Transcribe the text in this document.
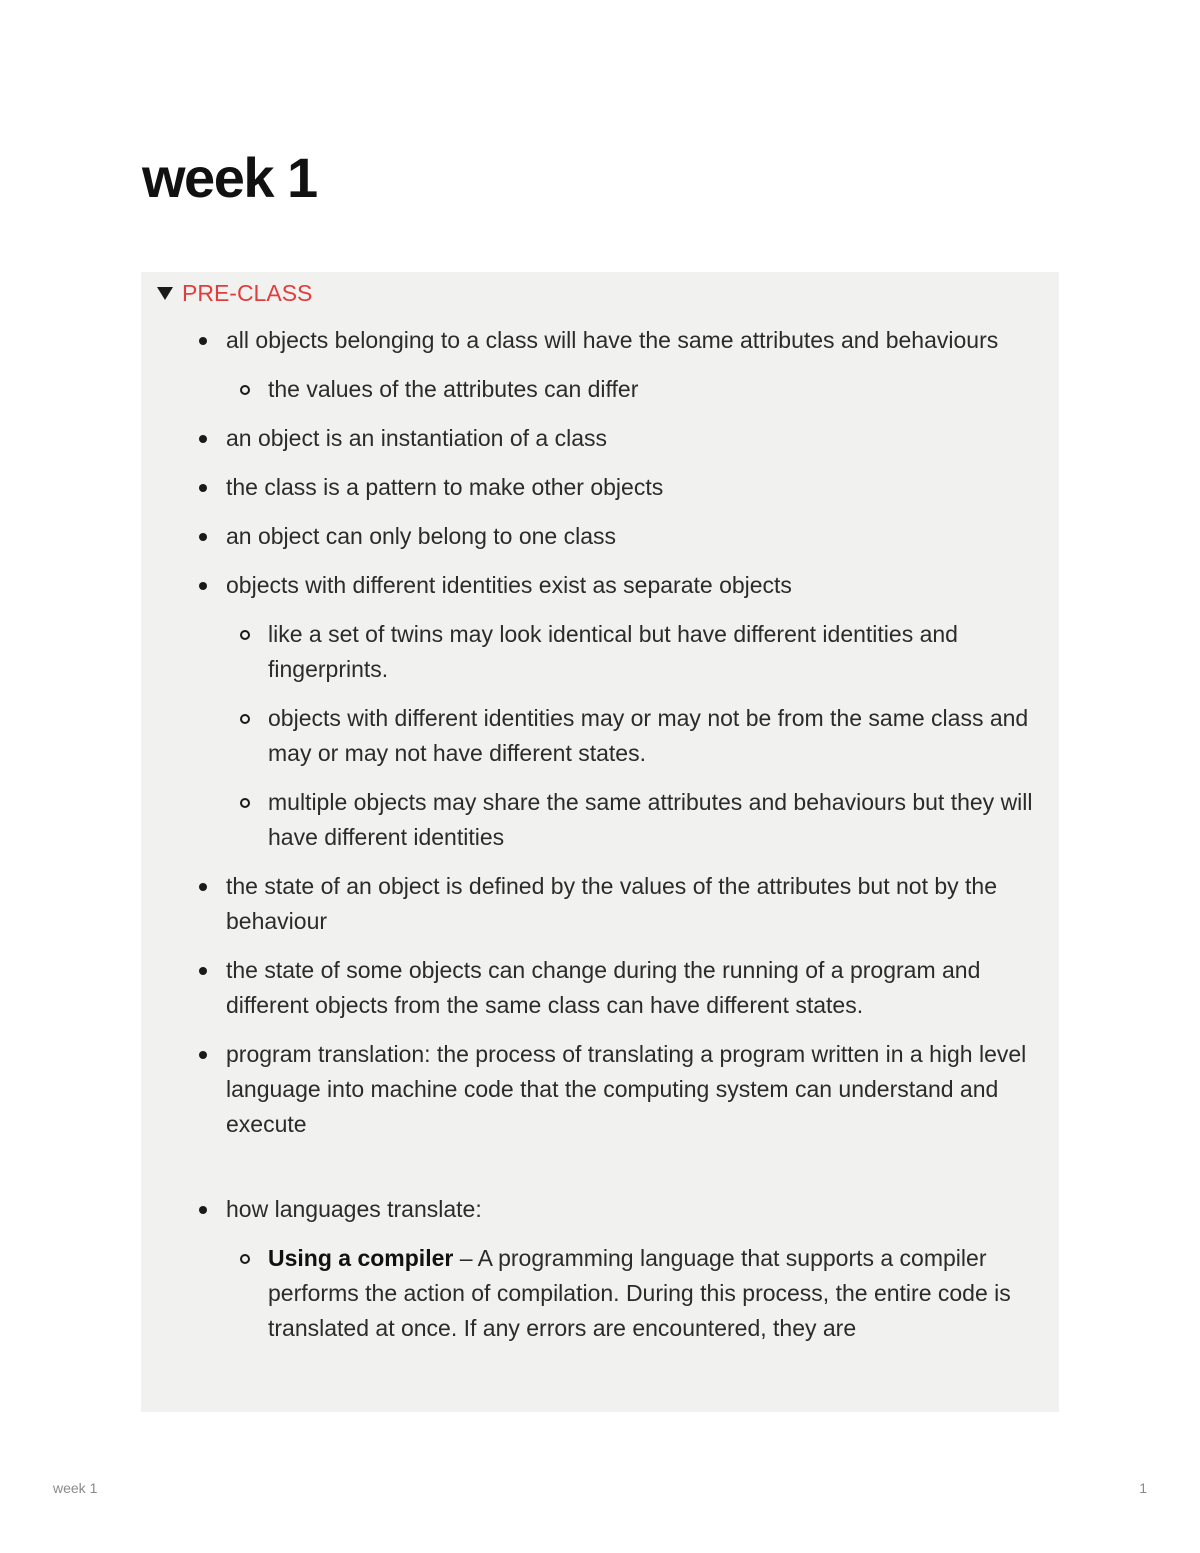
week 1
PRE-CLASS
all objects belonging to a class will have the same attributes and behaviours
the values of the attributes can differ
an object is an instantiation of a class
the class is a pattern to make other objects
an object can only belong to one class
objects with different identities exist as separate objects
like a set of twins may look identical but have different identities and fingerprints.
objects with different identities may or may not be from the same class and may or may not have different states.
multiple objects may share the same attributes and behaviours but they will have different identities
the state of an object is defined by the values of the attributes but not by the behaviour
the state of some objects can change during the running of a program and different objects from the same class can have different states.
program translation: the process of translating a program written in a high level language into machine code that the computing system can understand and execute
how languages translate:
Using a compiler – A programming language that supports a compiler performs the action of compilation. During this process, the entire code is translated at once. If any errors are encountered, they are
week 1	1
